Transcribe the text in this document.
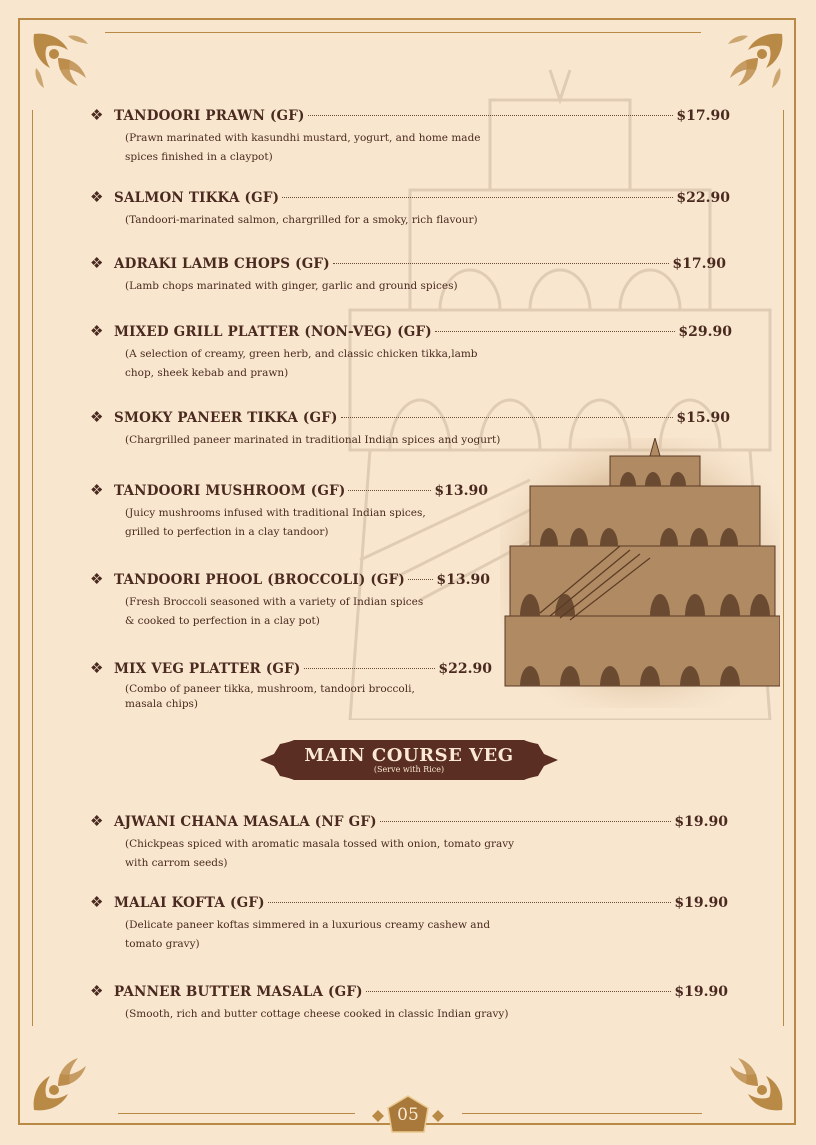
❖ TANDOORI PRAWN (GF)	$17.90
(Prawn marinated with kasundhi mustard, yogurt, and home made spices finished in a claypot)
❖ SALMON TIKKA (GF)	$22.90
(Tandoori-marinated salmon, chargrilled for a smoky, rich flavour)
❖ ADRAKI LAMB CHOPS (GF)	$17.90
(Lamb chops marinated with ginger, garlic and ground spices)
❖ MIXED GRILL PLATTER (NON-VEG) (GF)	$29.90
(A selection of creamy, green herb, and classic chicken tikka,lamb chop, sheek kebab and prawn)
❖ SMOKY PANEER TIKKA (GF)	$15.90
(Chargrilled paneer marinated in traditional Indian spices and yogurt)
❖ TANDOORI MUSHROOM (GF)	$13.90
(Juicy mushrooms infused with traditional Indian spices, grilled to perfection in a clay tandoor)
❖ TANDOORI PHOOL (BROCCOLI) (GF) $13.90
(Fresh Broccoli seasoned with a variety of Indian spices & cooked to perfection in a clay pot)
❖ MIX VEG PLATTER (GF)	$22.90
(Combo of paneer tikka, mushroom, tandoori broccoli, masala chips)
MAIN COURSE VEG
(Serve with Rice)
❖ AJWANI CHANA MASALA (NF GF)	$19.90
(Chickpeas spiced with aromatic masala tossed with onion, tomato gravy with carrom seeds)
❖ MALAI KOFTA (GF)	$19.90
(Delicate paneer koftas simmered in a luxurious creamy cashew and tomato gravy)
❖ PANNER BUTTER MASALA (GF)	$19.90
(Smooth, rich and butter cottage cheese cooked in classic Indian gravy)
05
